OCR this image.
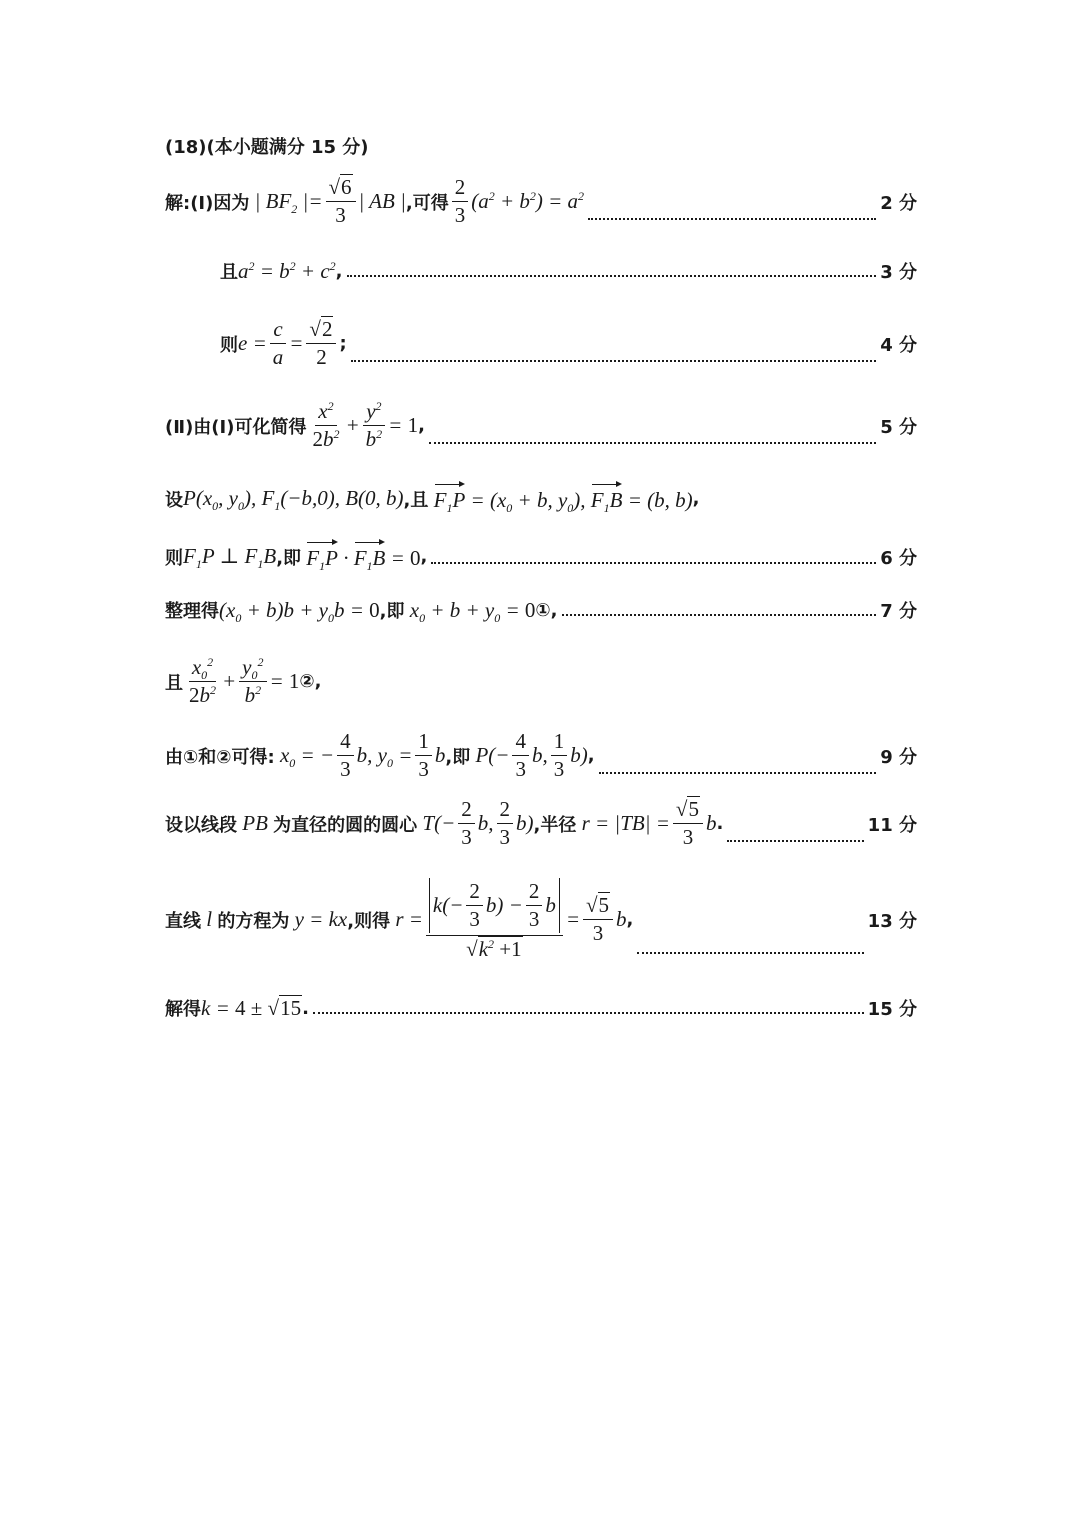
(18)(本小题满分 15 分)
解:(Ⅰ)因为 | $BF_2$ |= $\frac{√6}{3}$ | AB | ,可得
2
3
$(a^2 + b^2) = a^2$	2 分
且 $a^2 = b^2 + c^2$ ,	3 分
则 $e = \frac{c}{a} = \frac{√2}{2}$ ;	4 分
(Ⅱ)由(Ⅰ)可化简得
$x^2$
$2b^2 + \frac{y^2}{b^2} = 1$ ,	5 分
设 $P(x_0$, $y_0$), $F_1(-b,0)$, B(0, b) ,且 $F_1P = (x_0 + b$, $y_0$), $F_1B = (b$, b) ,
则 $F_1P$ ⊥ $F_1B$ ,即 $F_1P \cdot F_1B = 0$ ,	6 分
整理得 $(x_0 + b)b + y_0b = 0$ ,即 $x_0 + b + y_0 = 0$ ① ,	7 分
且
$x_0^2$
$2b^2 + \frac{y_0^2}{b^2} = 1$ ② ,
由①和②可得: $x_0$ = − $\frac{4}{3} b$, $y_0 = \frac{1}{3}$ b ,即 $P(- \frac{4}{3} b$,
1
3
b) ,	9 分
设以线段 PB 为直径的圆的圆心 $T(- \frac{2}{3} b$,
2
3
b) ,半径 $r = |TB| = \frac{√5}{3}$ b .	11 分
直线 l 的方程为 y = kx ,则得 r = k(−
2
3
b) −
2
3
b
$√k^2 +1 = \frac{√5}{3}$ b ,	13 分
解得 k = 4 ± √15 .	15 分
